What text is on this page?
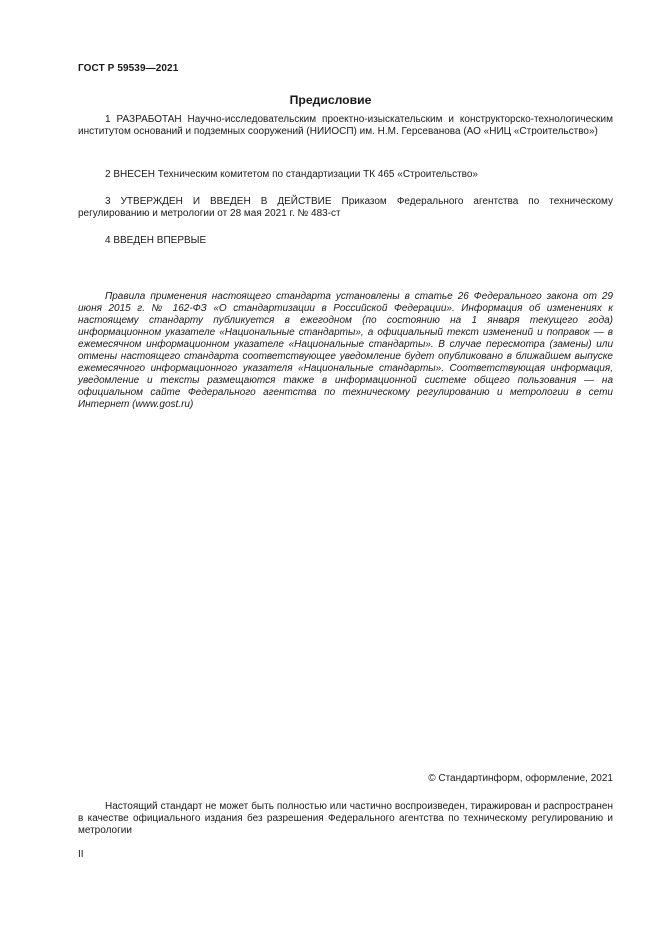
ГОСТ Р 59539—2021
Предисловие

1 РАЗРАБОТАН Научно-исследовательским проектно-изыскательским и конструкторско-технологическим институтом оснований и подземных сооружений (НИИОСП) им. Н.М. Герсеванова (АО «НИЦ «Строительство»)

2 ВНЕСЕН Техническим комитетом по стандартизации ТК 465 «Строительство»

3 УТВЕРЖДЕН И ВВЕДЕН В ДЕЙСТВИЕ Приказом Федерального агентства по техническому регулированию и метрологии от 28 мая 2021 г. № 483-ст

4 ВВЕДЕН ВПЕРВЫЕ

Правила применения настоящего стандарта установлены в статье 26 Федерального закона от 29 июня 2015 г. № 162-ФЗ «О стандартизации в Российской Федерации». Информация об изменениях к настоящему стандарту публикуется в ежегодном (по состоянию на 1 января текущего года) информационном указателе «Национальные стандарты», а официальный текст изменений и поправок — в ежемесячном информационном указателе «Национальные стандарты». В случае пересмотра (замены) или отмены настоящего стандарта соответствующее уведомление будет опубликовано в ближайшем выпуске ежемесячного информационного указателя «Национальные стандарты». Соответствующая информация, уведомление и тексты размещаются также в информационной системе общего пользования — на официальном сайте Федерального агентства по техническому регулированию и метрологии в сети Интернет (www.gost.ru)

© Стандартинформ, оформление, 2021

Настоящий стандарт не может быть полностью или частично воспроизведен, тиражирован и распространен в качестве официального издания без разрешения Федерального агентства по техническому регулированию и метрологии

II
